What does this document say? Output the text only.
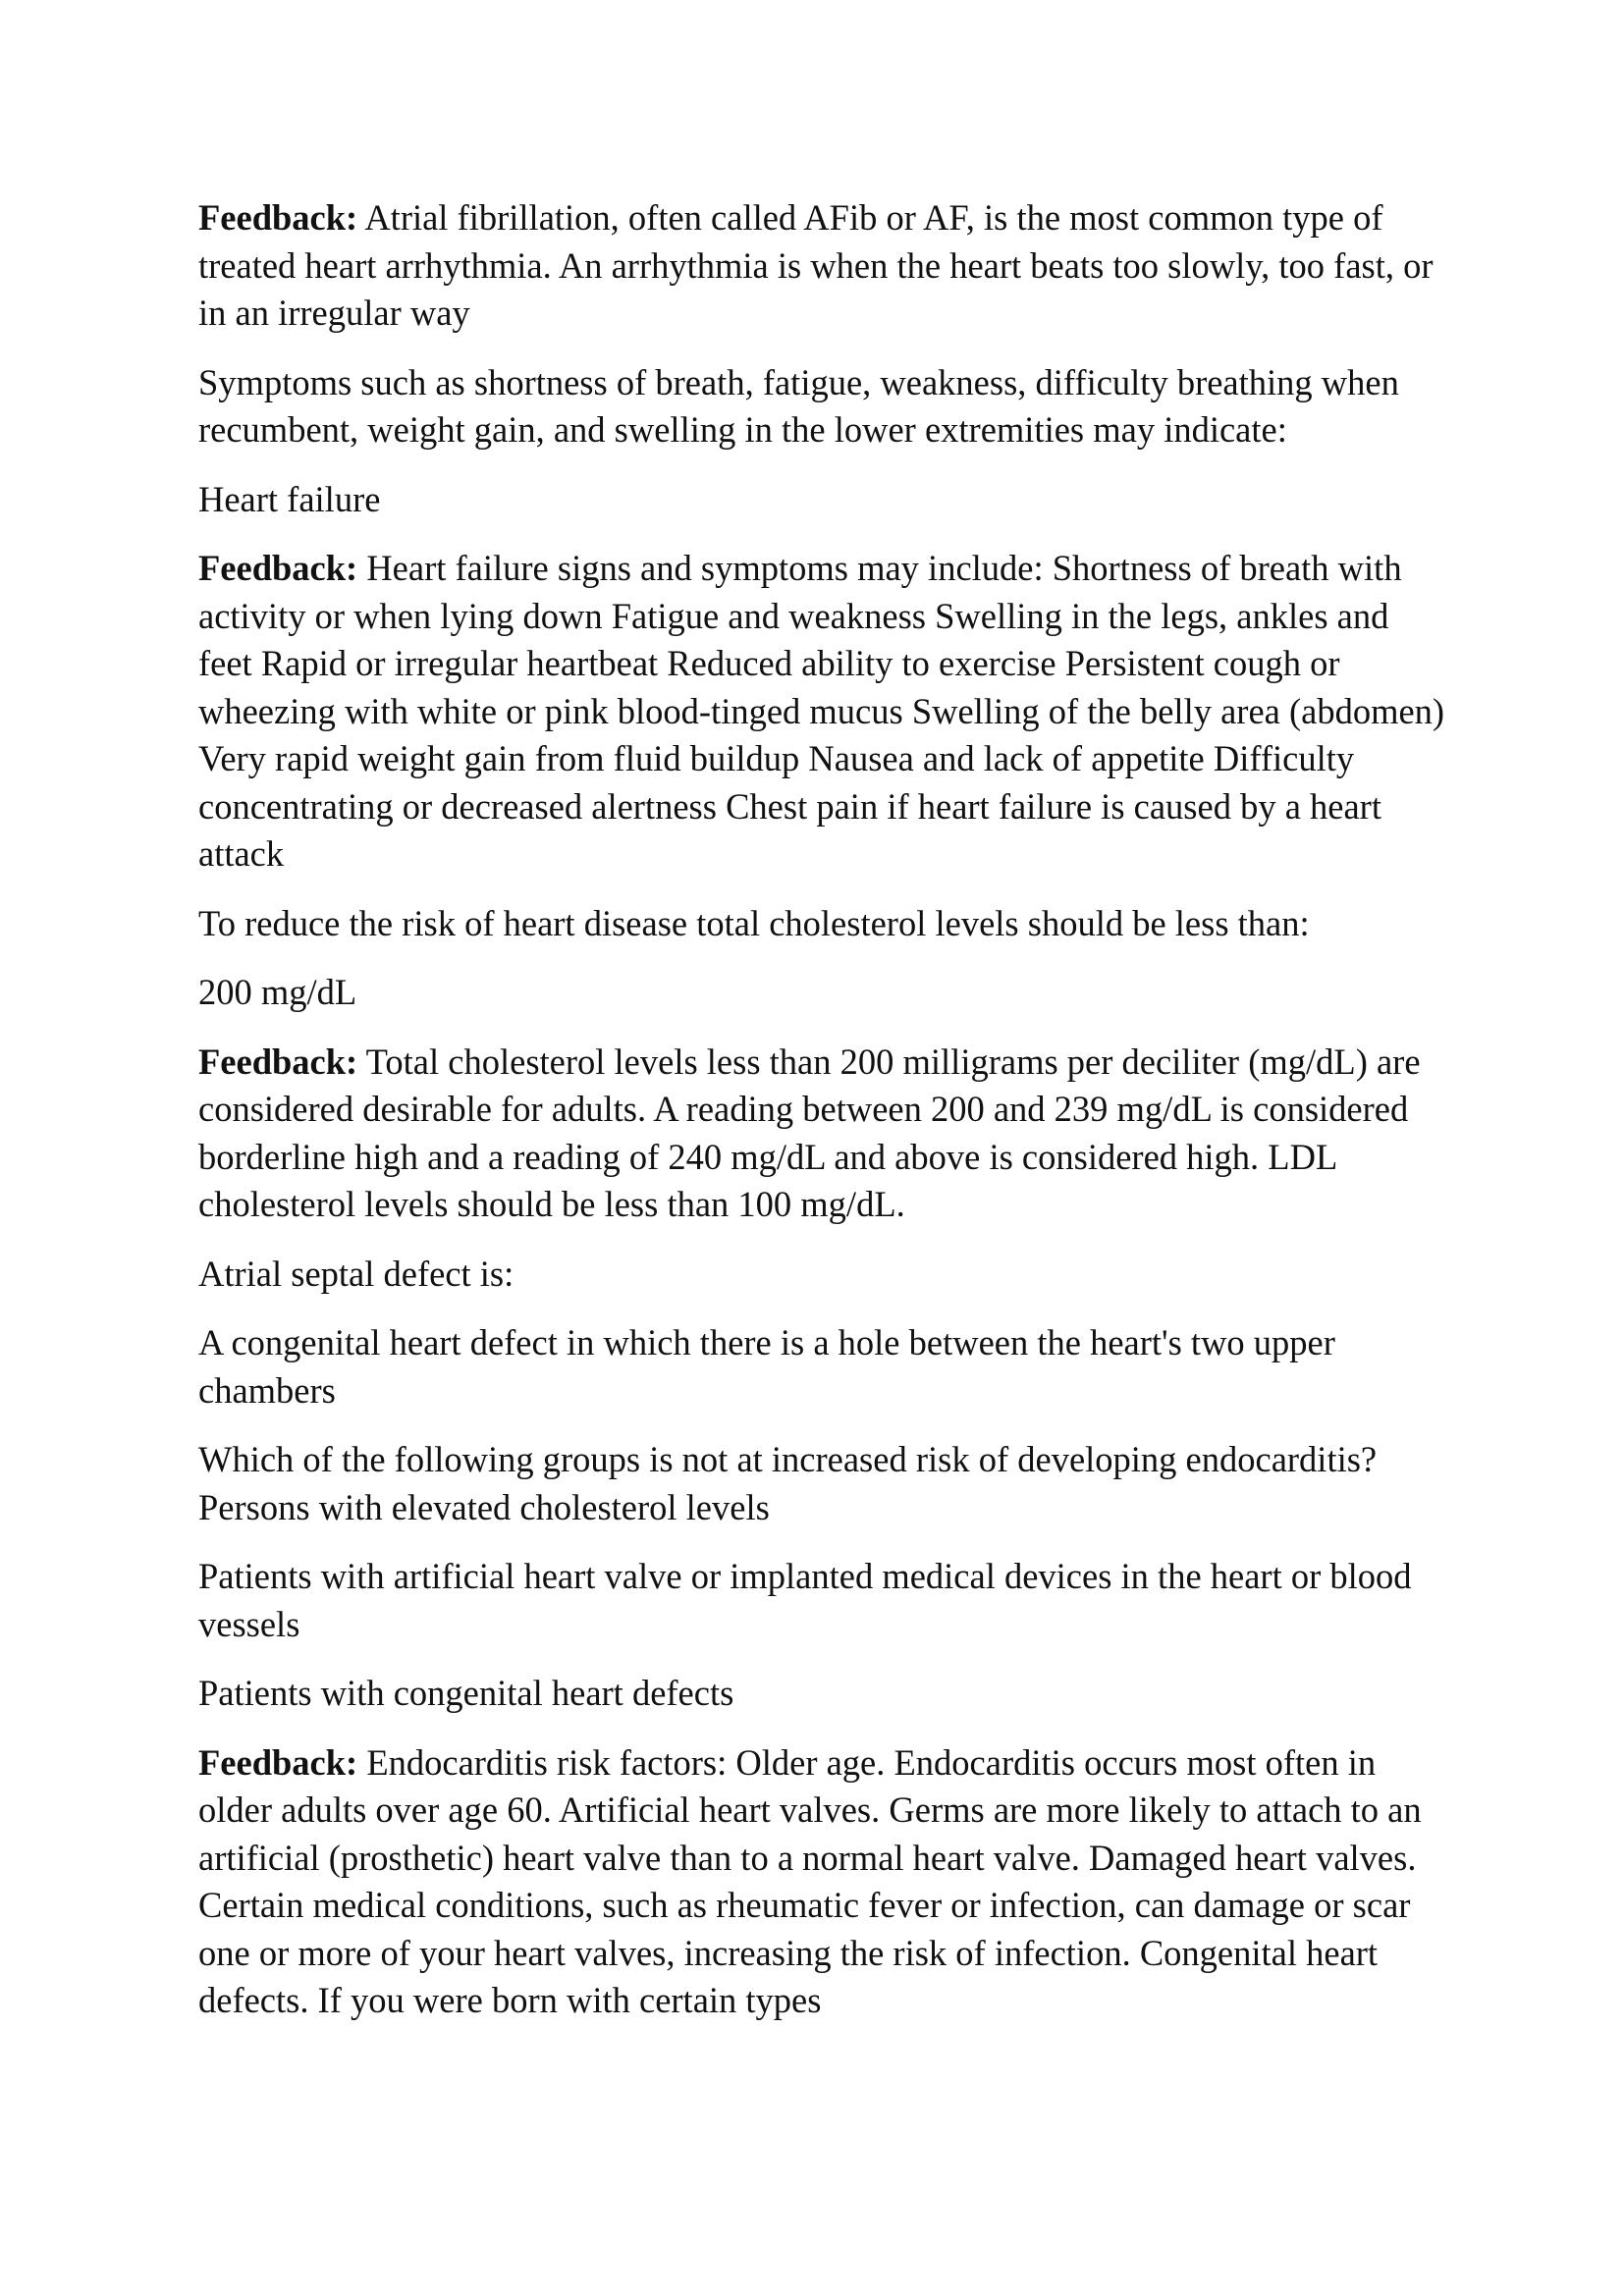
Feedback: Atrial fibrillation, often called AFib or AF, is the most common type of treated heart arrhythmia. An arrhythmia is when the heart beats too slowly, too fast, or in an irregular way

Symptoms such as shortness of breath, fatigue, weakness, difficulty breathing when recumbent, weight gain, and swelling in the lower extremities may indicate:

Heart failure

Feedback: Heart failure signs and symptoms may include: Shortness of breath with activity or when lying down Fatigue and weakness Swelling in the legs, ankles and feet Rapid or irregular heartbeat Reduced ability to exercise Persistent cough or wheezing with white or pink blood-tinged mucus Swelling of the belly area (abdomen) Very rapid weight gain from fluid buildup Nausea and lack of appetite Difficulty concentrating or decreased alertness Chest pain if heart failure is caused by a heart attack

To reduce the risk of heart disease total cholesterol levels should be less than:

200 mg/dL

Feedback: Total cholesterol levels less than 200 milligrams per deciliter (mg/dL) are considered desirable for adults. A reading between 200 and 239 mg/dL is considered borderline high and a reading of 240 mg/dL and above is considered high. LDL cholesterol levels should be less than 100 mg/dL.

Atrial septal defect is:

A congenital heart defect in which there is a hole between the heart's two upper chambers

Which of the following groups is not at increased risk of developing endocarditis? Persons with elevated cholesterol levels

Patients with artificial heart valve or implanted medical devices in the heart or blood vessels

Patients with congenital heart defects

Feedback: Endocarditis risk factors: Older age. Endocarditis occurs most often in older adults over age 60. Artificial heart valves. Germs are more likely to attach to an artificial (prosthetic) heart valve than to a normal heart valve. Damaged heart valves. Certain medical conditions, such as rheumatic fever or infection, can damage or scar one or more of your heart valves, increasing the risk of infection. Congenital heart defects. If you were born with certain types
